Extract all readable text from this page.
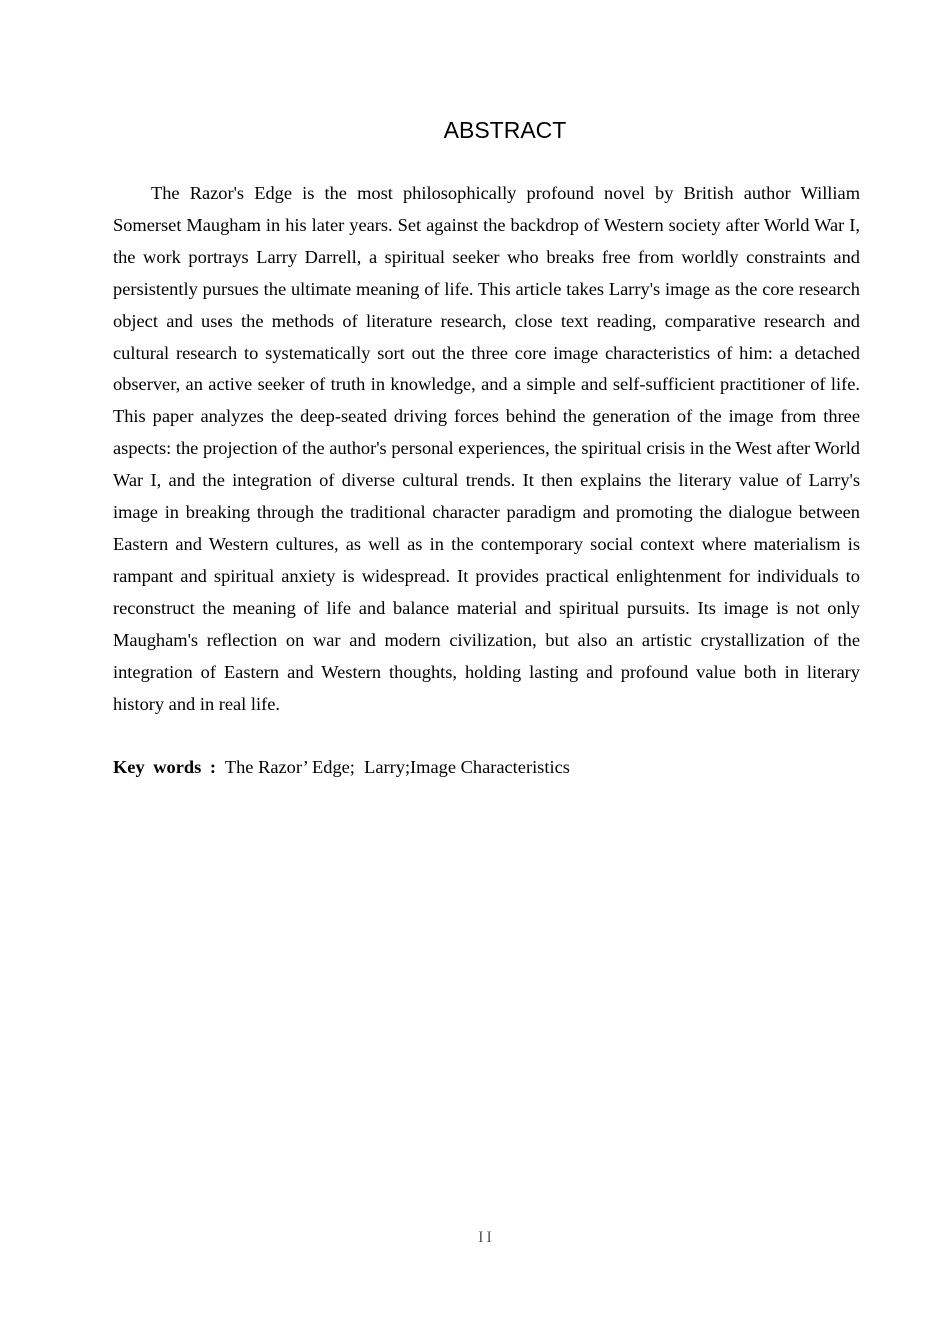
ABSTRACT

The Razor's Edge is the most philosophically profound novel by British author William Somerset Maugham in his later years. Set against the backdrop of Western society after World War I, the work portrays Larry Darrell, a spiritual seeker who breaks free from worldly constraints and persistently pursues the ultimate meaning of life. This article takes Larry's image as the core research object and uses the methods of literature research, close text reading, comparative research and cultural research to systematically sort out the three core image characteristics of him: a detached observer, an active seeker of truth in knowledge, and a simple and self-sufficient practitioner of life. This paper analyzes the deep-seated driving forces behind the generation of the image from three aspects: the projection of the author's personal experiences, the spiritual crisis in the West after World War I, and the integration of diverse cultural trends. It then explains the literary value of Larry's image in breaking through the traditional character paradigm and promoting the dialogue between Eastern and Western cultures, as well as in the contemporary social context where materialism is rampant and spiritual anxiety is widespread. It provides practical enlightenment for individuals to reconstruct the meaning of life and balance material and spiritual pursuits. Its image is not only Maugham's reflection on war and modern civilization, but also an artistic crystallization of the integration of Eastern and Western thoughts, holding lasting and profound value both in literary history and in real life.

Key words :  The Razor’ Edge;  Larry;Image Characteristics

II
